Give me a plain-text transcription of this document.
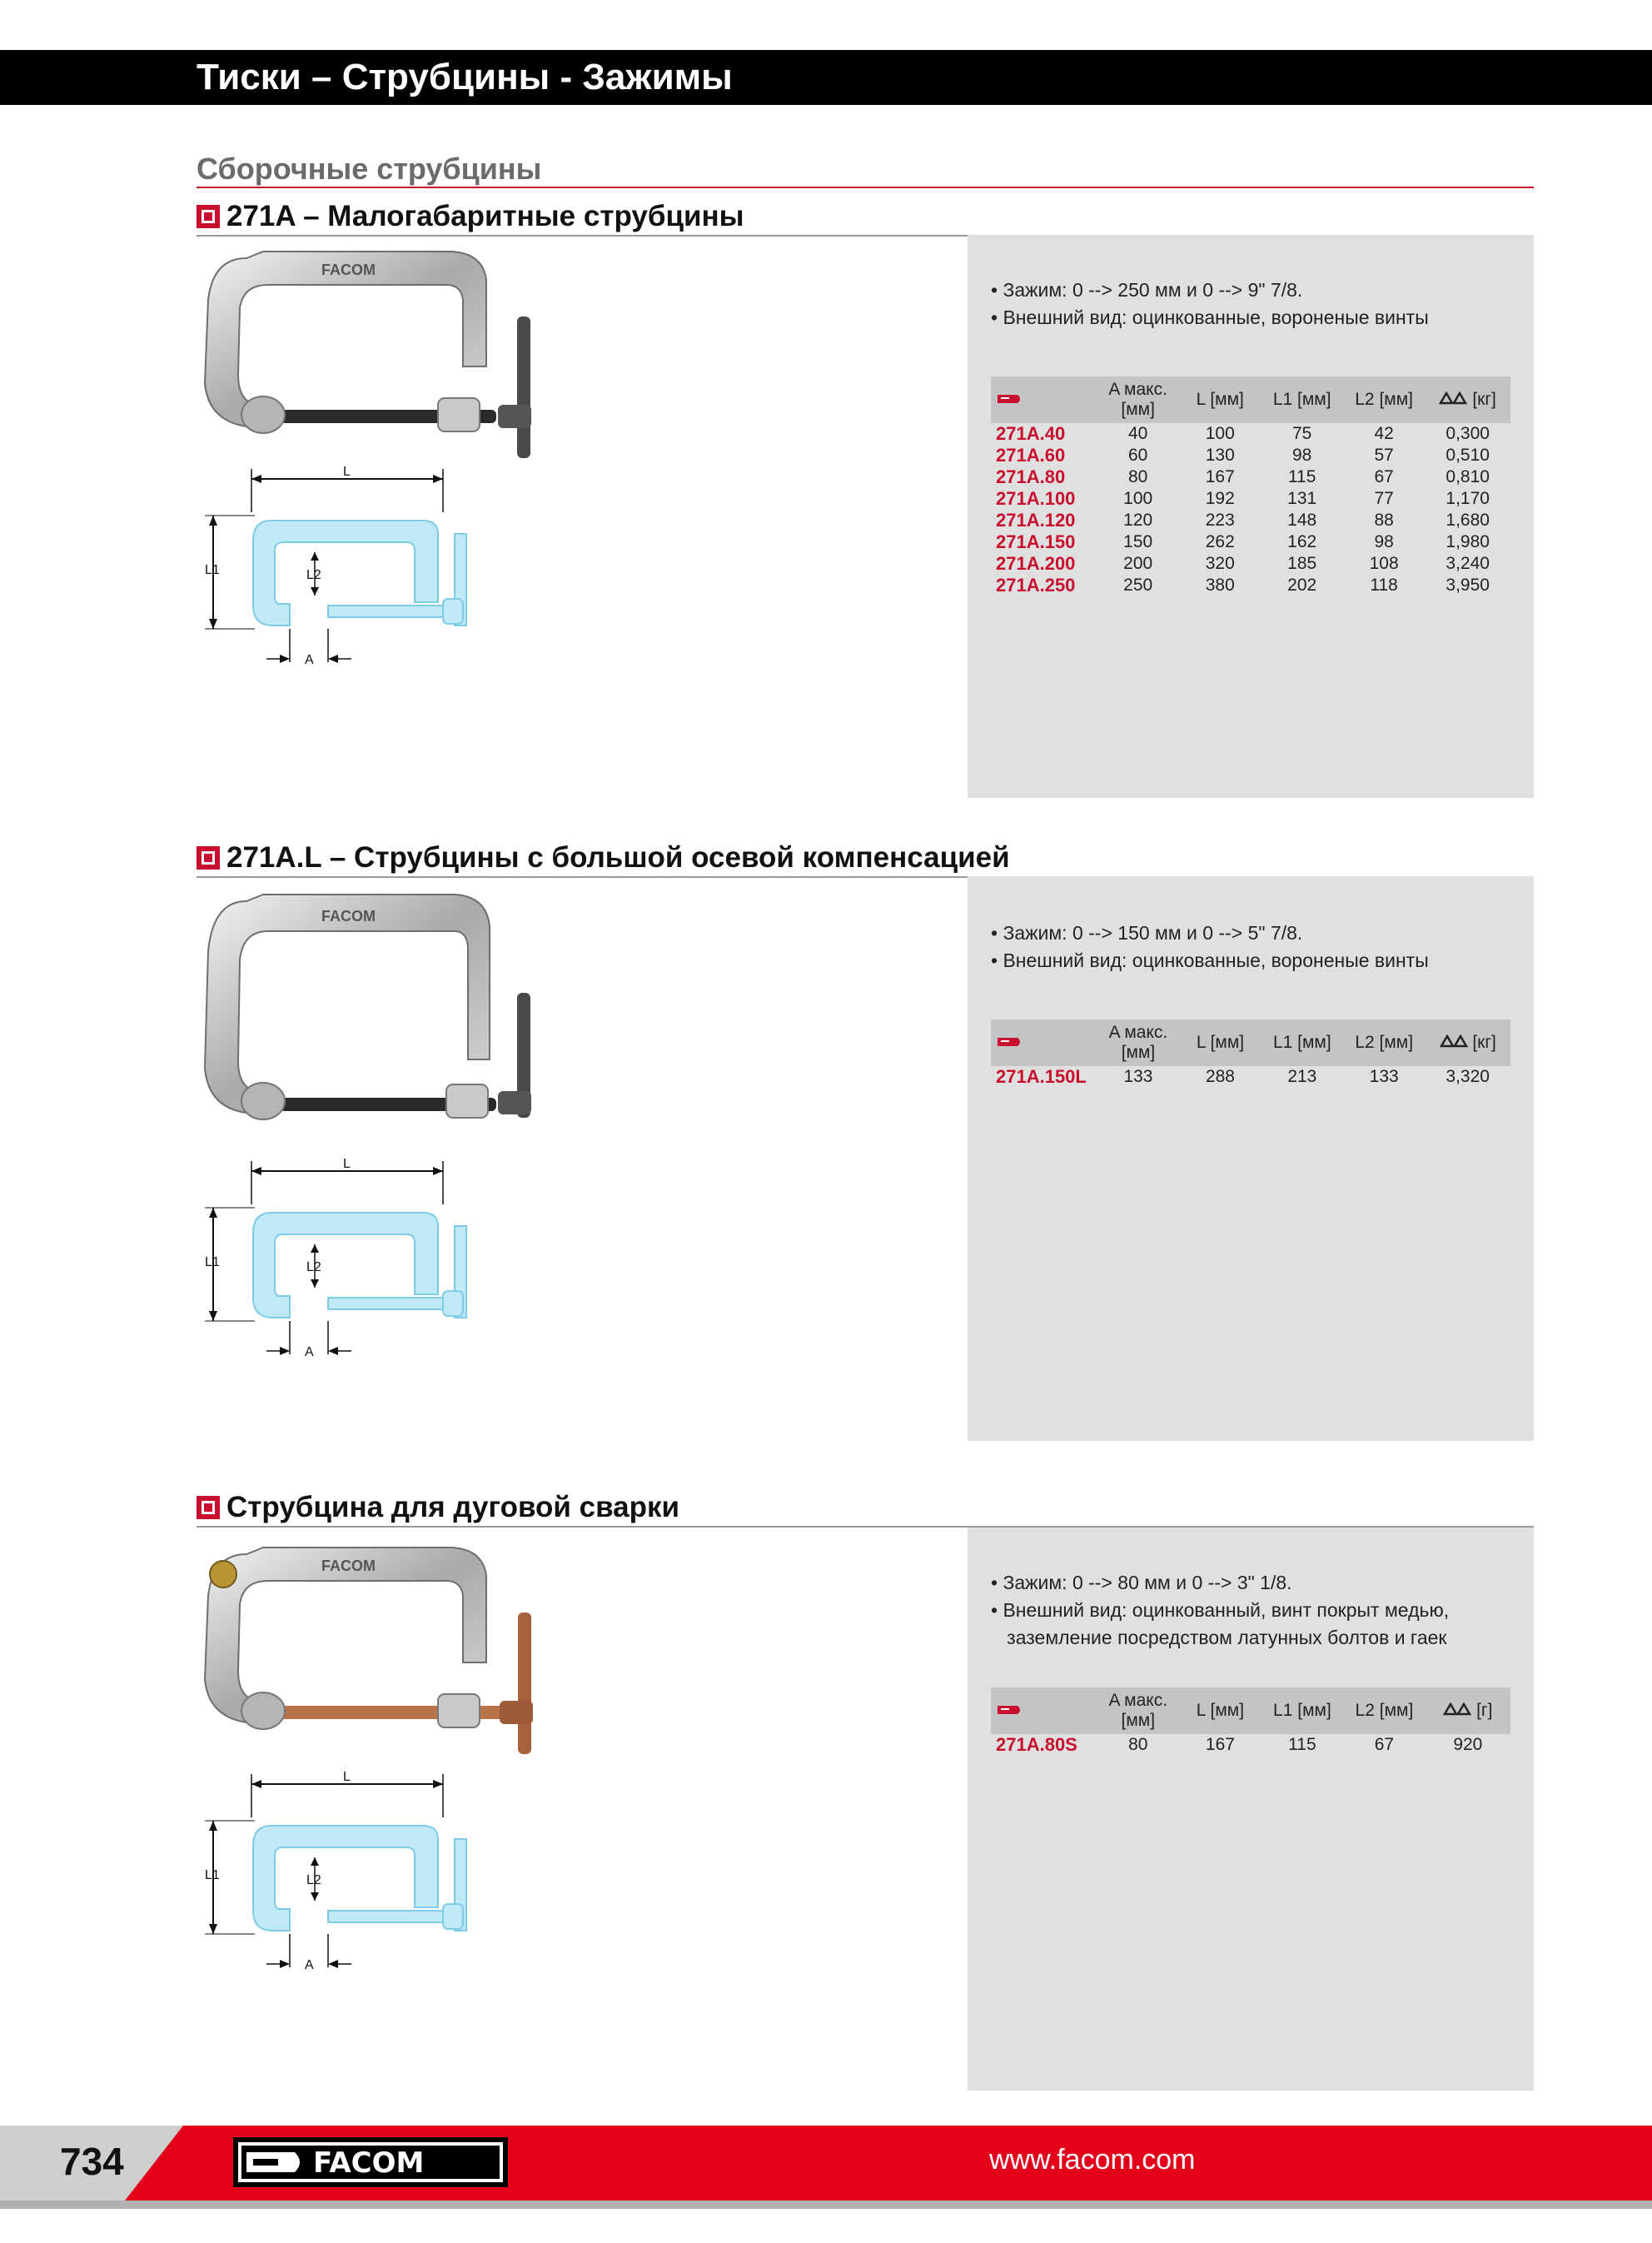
Тиски – Струбцины - Зажимы
Сборочные струбцины
271A – Малогабаритные струбцины
FACOM
L
L1	L2
A
• Зажим: 0 --> 250 мм и 0 --> 9" 7/8.
• Внешний вид: оцинкованные, вороненые винты
	A макс. [мм]	L [мм]	L1 [мм]	L2 [мм]	[кг]
271A.40	40	100	75	42	0,300
271A.60	60	130	98	57	0,510
271A.80	80	167	115	67	0,810
271A.100	100	192	131	77	1,170
271A.120	120	223	148	88	1,680
271A.150	150	262	162	98	1,980
271A.200	200	320	185	108	3,240
271A.250	250	380	202	118	3,950
271A.L – Струбцины с большой осевой компенсацией
FACOM
L
L1	L2
A
• Зажим: 0 --> 150 мм и 0 --> 5" 7/8.
• Внешний вид: оцинкованные, вороненые винты
	A макс. [мм]	L [мм]	L1 [мм]	L2 [мм]	[кг]
271A.150L	133	288	213	133	3,320
Струбцина для дуговой сварки
FACOM
L
L1	L2
A
• Зажим: 0 --> 80 мм и 0 --> 3" 1/8.
• Внешний вид: оцинкованный, винт покрыт медью,
заземление посредством латунных болтов и гаек
	A макс. [мм]	L [мм]	L1 [мм]	L2 [мм]	[г]
271A.80S	80	167	115	67	920
734	FACOM	www.facom.com
